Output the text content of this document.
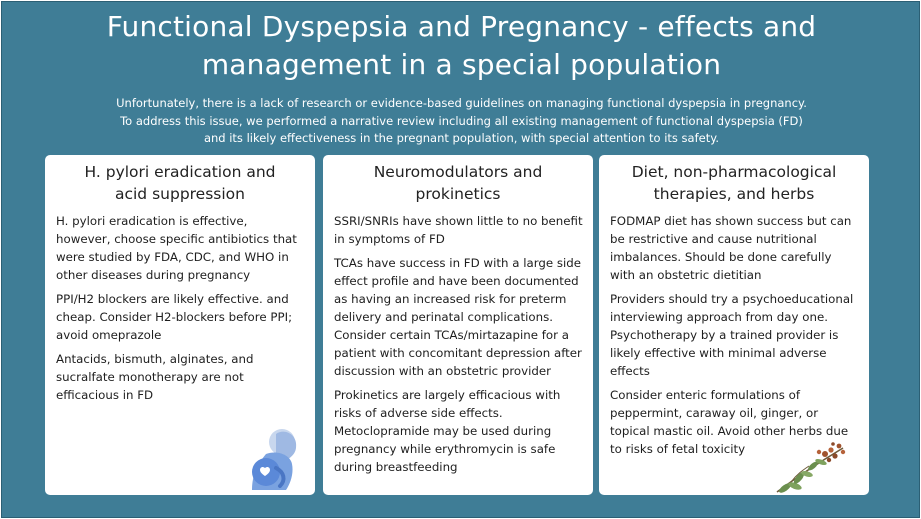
Functional Dyspepsia and Pregnancy - effects and
management in a special population
Unfortunately, there is a lack of research or evidence-based guidelines on managing functional dyspepsia in pregnancy.
To address this issue, we performed a narrative review including all existing management of functional dyspepsia (FD)
and its likely effectiveness in the pregnant population, with special attention to its safety.
H. pylori eradication and
acid suppression

H. pylori eradication is effective, however, choose specific antibiotics that were studied by FDA, CDC, and WHO in other diseases during pregnancy

PPI/H2 blockers are likely effective. and cheap. Consider H2-blockers before PPI; avoid omeprazole

Antacids, bismuth, alginates, and sucralfate monotherapy are not efficacious in FD

Neuromodulators and
prokinetics

SSRI/SNRIs have shown little to no benefit in symptoms of FD

TCAs have success in FD with a large side effect profile and have been documented as having an increased risk for preterm delivery and perinatal complications. Consider certain TCAs/mirtazapine for a patient with concomitant depression after discussion with an obstetric provider

Prokinetics are largely efficacious with risks of adverse side effects. Metoclopramide may be used during pregnancy while erythromycin is safe during breastfeeding

Diet, non-pharmacological
therapies, and herbs

FODMAP diet has shown success but can be restrictive and cause nutritional imbalances. Should be done carefully with an obstetric dietitian

Providers should try a psychoeducational interviewing approach from day one. Psychotherapy by a trained provider is likely effective with minimal adverse effects

Consider enteric formulations of peppermint, caraway oil, ginger, or topical mastic oil. Avoid other herbs due to risks of fetal toxicity
